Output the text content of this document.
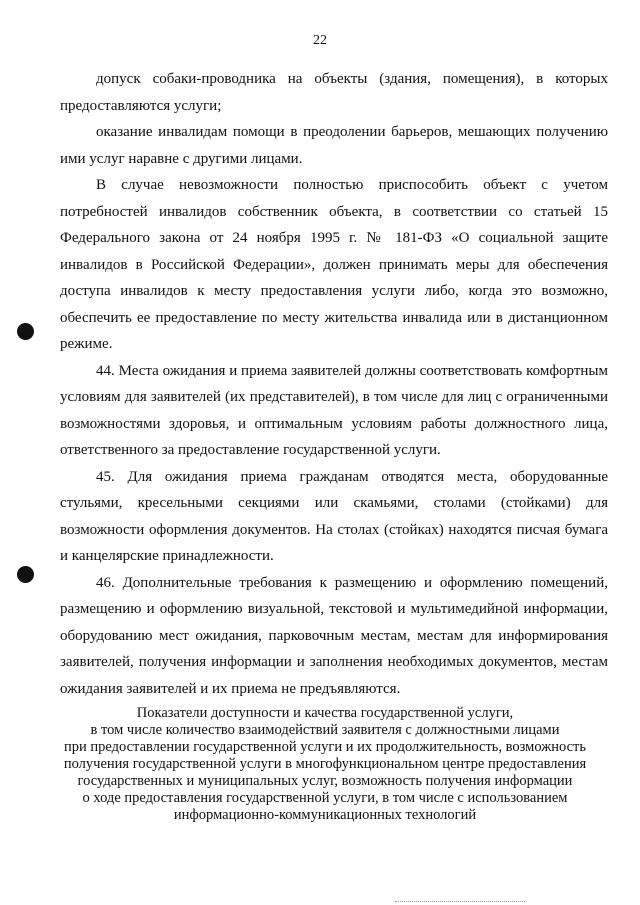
22

допуск собаки-проводника на объекты (здания, помещения), в которых предоставляются услуги;

оказание инвалидам помощи в преодолении барьеров, мешающих получению ими услуг наравне с другими лицами.

В случае невозможности полностью приспособить объект с учетом потребностей инвалидов собственник объекта, в соответствии со статьей 15 Федерального закона от 24 ноября 1995 г. № 181-ФЗ «О социальной защите инвалидов в Российской Федерации», должен принимать меры для обеспечения доступа инвалидов к месту предоставления услуги либо, когда это возможно, обеспечить ее предоставление по месту жительства инвалида или в дистанционном режиме.

44. Места ожидания и приема заявителей должны соответствовать комфортным условиям для заявителей (их представителей), в том числе для лиц с ограниченными возможностями здоровья, и оптимальным условиям работы должностного лица, ответственного за предоставление государственной услуги.

45. Для ожидания приема гражданам отводятся места, оборудованные стульями, кресельными секциями или скамьями, столами (стойками) для возможности оформления документов. На столах (стойках) находятся писчая бумага и канцелярские принадлежности.

46. Дополнительные требования к размещению и оформлению помещений, размещению и оформлению визуальной, текстовой и мультимедийной информации, оборудованию мест ожидания, парковочным местам, местам для информирования заявителей, получения информации и заполнения необходимых документов, местам ожидания заявителей и их приема не предъявляются.

Показатели доступности и качества государственной услуги,
в том числе количество взаимодействий заявителя с должностными лицами
при предоставлении государственной услуги и их продолжительность, возможность
получения государственной услуги в многофункциональном центре предоставления
государственных и муниципальных услуг, возможность получения информации
о ходе предоставления государственной услуги, в том числе с использованием
информационно-коммуникационных технологий
